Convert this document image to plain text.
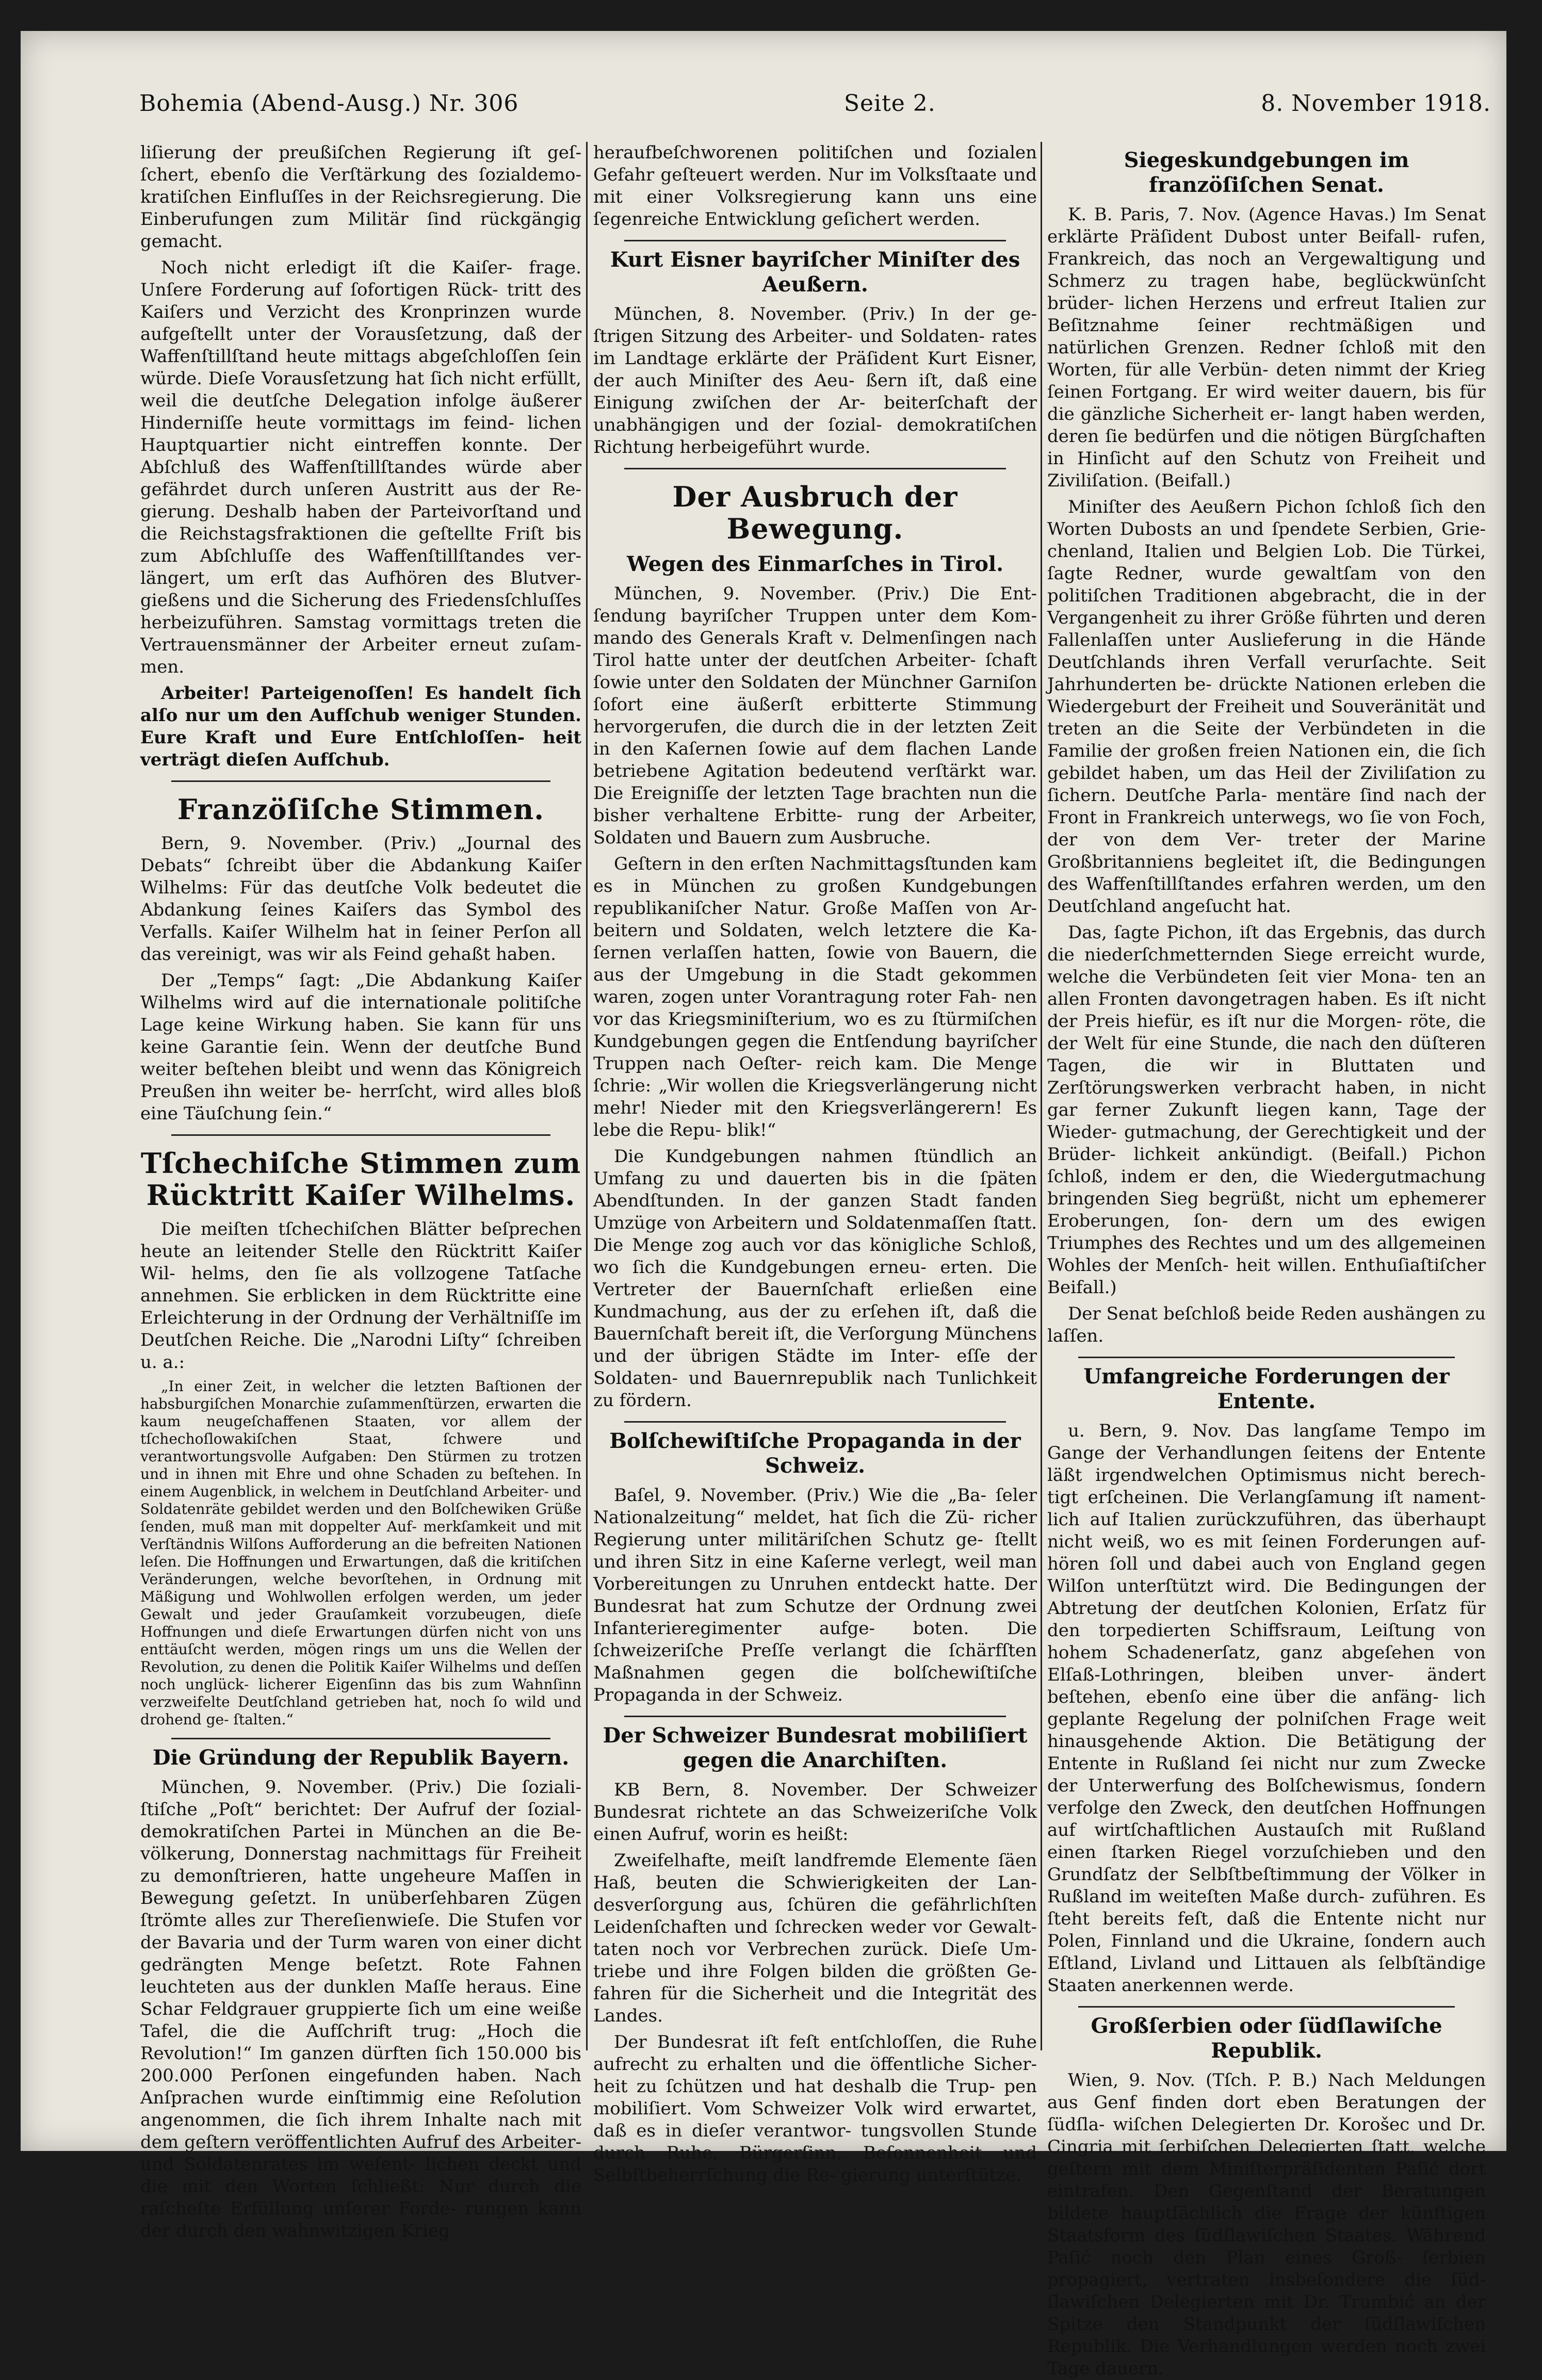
Bohemia (Abend-Ausg.) Nr. 306	Seite 2.	8. November 1918.

liſierung der preußiſchen Regierung iſt geſ‑ ſchert, ebenſo die Verſtärkung des ſozialdemo‑ kratiſchen Einfluſſes in der Reichsregierung. Die Einberufungen zum Militär ſind rückgängig gemacht.

Noch nicht erledigt iſt die Kaiſer‑ frage. Unſere Forderung auf ſofortigen Rück‑ tritt des Kaiſers und Verzicht des Kronprinzen wurde aufgeſtellt unter der Vorausſetzung, daß der Waffenſtillſtand heute mittags abgeſchloſſen ſein würde. Dieſe Vorausſetzung hat ſich nicht erfüllt, weil die deutſche Delegation infolge äußerer Hinderniſſe heute vormittags im feind‑ lichen Hauptquartier nicht eintreffen konnte. Der Abſchluß des Waffenſtillſtandes würde aber gefährdet durch unſeren Austritt aus der Re‑ gierung. Deshalb haben der Parteivorſtand und die Reichstagsfraktionen die geſtellte Friſt bis zum Abſchluſſe des Waffenſtillſtandes ver‑ längert, um erſt das Aufhören des Blutver‑ gießens und die Sicherung des Friedensſchluſſes herbeizuführen. Samstag vormittags treten die Vertrauensmänner der Arbeiter erneut zuſam‑ men.

Arbeiter! Parteigenoſſen! Es handelt ſich alſo nur um den Aufſchub weniger Stunden. Eure Kraft und Eure Entſchloſſen‑ heit verträgt dieſen Aufſchub.

Franzöſiſche Stimmen.

Bern, 9. November. (Priv.) „Journal des Debats“ ſchreibt über die Abdankung Kaiſer Wilhelms: Für das deutſche Volk bedeutet die Abdankung ſeines Kaiſers das Symbol des Verfalls. Kaiſer Wilhelm hat in ſeiner Perſon all das vereinigt, was wir als Feind gehaßt haben.

Der „Temps“ ſagt: „Die Abdankung Kaiſer Wilhelms wird auf die internationale politiſche Lage keine Wirkung haben. Sie kann für uns keine Garantie ſein. Wenn der deutſche Bund weiter beſtehen bleibt und wenn das Königreich Preußen ihn weiter be‑ herrſcht, wird alles bloß eine Täuſchung ſein.“

Tſchechiſche Stimmen zum Rücktritt Kaiſer Wilhelms.

Die meiſten tſchechiſchen Blätter beſprechen heute an leitender Stelle den Rücktritt Kaiſer Wil‑ helms, den ſie als vollzogene Tatſache annehmen. Sie erblicken in dem Rücktritte eine Erleichterung in der Ordnung der Verhältniſſe im Deutſchen Reiche. Die „Narodni Liſty“ ſchreiben u. a.:

„In einer Zeit, in welcher die letzten Baſtionen der habsburgiſchen Monarchie zuſammenſtürzen, erwarten die kaum neugeſchaffenen Staaten, vor allem der tſchechoſlowakiſchen Staat, ſchwere und verantwortungsvolle Aufgaben: Den Stürmen zu trotzen und in ihnen mit Ehre und ohne Schaden zu beſtehen. In einem Augenblick, in welchem in Deutſchland Arbeiter- und Soldatenräte gebildet werden und den Bolſchewiken Grüße ſenden, muß man mit doppelter Auf‑ merkſamkeit und mit Verſtändnis Wilſons Aufforderung an die befreiten Nationen leſen. Die Hoffnungen und Erwartungen, daß die kritiſchen Veränderungen, welche bevorſtehen, in Ordnung mit Mäßigung und Wohlwollen erfolgen werden, um jeder Gewalt und jeder Grauſamkeit vorzubeugen, dieſe Hoffnungen und dieſe Erwartungen dürfen nicht von uns enttäuſcht werden, mögen rings um uns die Wellen der Revolution, zu denen die Politik Kaiſer Wilhelms und deſſen noch unglück‑ licherer Eigenſinn das bis zum Wahnſinn verzweifelte Deutſchland getrieben hat, noch ſo wild und drohend ge‑ ſtalten.“

Die Gründung der Republik Bayern.

München, 9. November. (Priv.) Die ſoziali‑ ſtiſche „Poſt“ berichtet: Der Aufruf der ſozial‑ demokratiſchen Partei in München an die Be‑ völkerung, Donnerstag nachmittags für Freiheit zu demonſtrieren, hatte ungeheure Maſſen in Bewegung geſetzt. In unüberſehbaren Zügen ſtrömte alles zur Thereſienwieſe. Die Stufen vor der Bavaria und der Turm waren von einer dicht gedrängten Menge beſetzt. Rote Fahnen leuchteten aus der dunklen Maſſe heraus. Eine Schar Feldgrauer gruppierte ſich um eine weiße Tafel, die die Aufſchrift trug: „Hoch die Revolution!“ Im ganzen dürften ſich 150.000 bis 200.000 Perſonen eingefunden haben. Nach Anſprachen wurde einſtimmig eine Reſolution angenommen, die ſich ihrem Inhalte nach mit dem geſtern veröffentlichten Aufruf des Arbeiter- und Soldatenrates im weſent‑ lichen deckt und die mit den Worten ſchließt: Nur durch die raſcheſte Erfüllung unſerer Forde‑ rungen kann der durch den wahnwitzigen Krieg

heraufbeſchworenen politiſchen und ſozialen Gefahr geſteuert werden. Nur im Volksſtaate und mit einer Volksregierung kann uns eine ſegenreiche Entwicklung geſichert werden.

Kurt Eisner bayriſcher Miniſter des Aeußern.

München, 8. November. (Priv.) In der ge‑ ſtrigen Sitzung des Arbeiter- und Soldaten‑ rates im Landtage erklärte der Präſident Kurt Eisner, der auch Miniſter des Aeu‑ ßern iſt, daß eine Einigung zwiſchen der Ar‑ beiterſchaft der unabhängigen und der ſozial‑ demokratiſchen Richtung herbeigeführt wurde.

Der Ausbruch der Bewegung.
Wegen des Einmarſches in Tirol.

München, 9. November. (Priv.) Die Ent‑ ſendung bayriſcher Truppen unter dem Kom‑ mando des Generals Kraft v. Delmenſingen nach Tirol hatte unter der deutſchen Arbeiter‑ ſchaft ſowie unter den Soldaten der Münchner Garniſon ſofort eine äußerſt erbitterte Stimmung hervorgerufen, die durch die in der letzten Zeit in den Kaſernen ſowie auf dem flachen Lande betriebene Agitation bedeutend verſtärkt war. Die Ereigniſſe der letzten Tage brachten nun die bisher verhaltene Erbitte‑ rung der Arbeiter, Soldaten und Bauern zum Ausbruche.

Geſtern in den erſten Nachmittagsſtunden kam es in München zu großen Kundgebungen republikaniſcher Natur. Große Maſſen von Ar‑ beitern und Soldaten, welch letztere die Ka‑ ſernen verlaſſen hatten, ſowie von Bauern, die aus der Umgebung in die Stadt gekommen waren, zogen unter Vorantragung roter Fah‑ nen vor das Kriegsminiſterium, wo es zu ſtürmiſchen Kundgebungen gegen die Entſendung bayriſcher Truppen nach Oeſter‑ reich kam. Die Menge ſchrie: „Wir wollen die Kriegsverlängerung nicht mehr! Nieder mit den Kriegsverlängerern! Es lebe die Repu‑ blik!“

Die Kundgebungen nahmen ſtündlich an Umfang zu und dauerten bis in die ſpäten Abendſtunden. In der ganzen Stadt fanden Umzüge von Arbeitern und Soldatenmaſſen ſtatt. Die Menge zog auch vor das königliche Schloß, wo ſich die Kundgebungen erneu‑ erten. Die Vertreter der Bauernſchaft erließen eine Kundmachung, aus der zu erſehen iſt, daß die Bauernſchaft bereit iſt, die Verſorgung Münchens und der übrigen Städte im Inter‑ eſſe der Soldaten- und Bauernrepublik nach Tunlichkeit zu fördern.

Bolſchewiſtiſche Propaganda in der Schweiz.

Baſel, 9. November. (Priv.) Wie die „Ba‑ ſeler Nationalzeitung“ meldet, hat ſich die Zü‑ richer Regierung unter militäriſchen Schutz ge‑ ſtellt und ihren Sitz in eine Kaſerne verlegt, weil man Vorbereitungen zu Unruhen entdeckt hatte. Der Bundesrat hat zum Schutze der Ordnung zwei Infanterieregimenter aufge‑ boten. Die ſchweizeriſche Preſſe verlangt die ſchärfſten Maßnahmen gegen die bolſchewiſtiſche Propaganda in der Schweiz.

Der Schweizer Bundesrat mobiliſiert gegen die Anarchiſten.

KB Bern, 8. November. Der Schweizer Bundesrat richtete an das Schweizeriſche Volk einen Aufruf, worin es heißt:

Zweifelhafte, meiſt landfremde Elemente ſäen Haß, beuten die Schwierigkeiten der Lan‑ desverſorgung aus, ſchüren die gefährlichſten Leidenſchaften und ſchrecken weder vor Gewalt‑ taten noch vor Verbrechen zurück. Dieſe Um‑ triebe und ihre Folgen bilden die größten Ge‑ fahren für die Sicherheit und die Integrität des Landes.

Der Bundesrat iſt feſt entſchloſſen, die Ruhe aufrecht zu erhalten und die öffentliche Sicher‑ heit zu ſchützen und hat deshalb die Trup‑ pen mobiliſiert. Vom Schweizer Volk wird erwartet, daß es in dieſer verantwor‑ tungsvollen Stunde durch Ruhe, Bürgerſinn, Beſonnenheit und Selbſtbeherrſchung die Re‑ gierung unterſtütze.

Siegeskundgebungen im franzöſiſchen Senat.

K. B. Paris, 7. Nov. (Agence Havas.) Im Senat erklärte Präſident Dubost unter Beifall‑ rufen, Frankreich, das noch an Vergewaltigung und Schmerz zu tragen habe, beglückwünſcht brüder‑ lichen Herzens und erfreut Italien zur Beſitznahme ſeiner rechtmäßigen und natürlichen Grenzen. Redner ſchloß mit den Worten, für alle Verbün‑ deten nimmt der Krieg ſeinen Fortgang. Er wird weiter dauern, bis für die gänzliche Sicherheit er‑ langt haben werden, deren ſie bedürfen und die nötigen Bürgſchaften in Hinſicht auf den Schutz von Freiheit und Ziviliſation. (Beifall.)

Miniſter des Aeußern Pichon ſchloß ſich den Worten Dubosts an und ſpendete Serbien, Grie‑ chenland, Italien und Belgien Lob. Die Türkei, ſagte Redner, wurde gewaltſam von den politiſchen Traditionen abgebracht, die in der Vergangenheit zu ihrer Größe führten und deren Fallenlaſſen unter Auslieferung in die Hände Deutſchlands ihren Verfall verurſachte. Seit Jahrhunderten be‑ drückte Nationen erleben die Wiedergeburt der Freiheit und Souveränität und treten an die Seite der Verbündeten in die Familie der großen freien Nationen ein, die ſich gebildet haben, um das Heil der Ziviliſation zu ſichern. Deutſche Parla‑ mentäre ſind nach der Front in Frankreich unterwegs, wo ſie von Foch, der von dem Ver‑ treter der Marine Großbritanniens begleitet iſt, die Bedingungen des Waffenſtillſtandes erfahren werden, um den Deutſchland angeſucht hat.

Das, ſagte Pichon, iſt das Ergebnis, das durch die niederſchmetternden Siege erreicht wurde, welche die Verbündeten ſeit vier Mona‑ ten an allen Fronten davongetragen haben. Es iſt nicht der Preis hiefür, es iſt nur die Morgen‑ röte, die der Welt für eine Stunde, die nach den düſteren Tagen, die wir in Bluttaten und Zerſtörungswerken verbracht haben, in nicht gar ferner Zukunft liegen kann, Tage der Wieder‑ gutmachung, der Gerechtigkeit und der Brüder‑ lichkeit ankündigt. (Beifall.) Pichon ſchloß, indem er den, die Wiedergutmachung bringenden Sieg begrüßt, nicht um ephemerer Eroberungen, ſon‑ dern um des ewigen Triumphes des Rechtes und um des allgemeinen Wohles der Menſch‑ heit willen. Enthuſiaſtiſcher Beifall.)

Der Senat beſchloß beide Reden aushängen zu laſſen.

Umfangreiche Forderungen der Entente.

u. Bern, 9. Nov. Das langſame Tempo im Gange der Verhandlungen ſeitens der Entente läßt irgendwelchen Optimismus nicht berech‑ tigt erſcheinen. Die Verlangſamung iſt nament‑ lich auf Italien zurückzuführen, das überhaupt nicht weiß, wo es mit ſeinen Forderungen auf‑ hören ſoll und dabei auch von England gegen Wilſon unterſtützt wird. Die Bedingungen der Abtretung der deutſchen Kolonien, Erſatz für den torpedierten Schiffsraum, Leiſtung von hohem Schadenerſatz, ganz abgeſehen von Elſaß‑Lothringen, bleiben unver‑ ändert beſtehen, ebenſo eine über die anfäng‑ lich geplante Regelung der polniſchen Frage weit hinausgehende Aktion. Die Betätigung der Entente in Rußland ſei nicht nur zum Zwecke der Unterwerfung des Bolſchewismus, ſondern verfolge den Zweck, den deutſchen Hoffnungen auf wirtſchaftlichen Austauſch mit Rußland einen ſtarken Riegel vorzuſchieben und den Grundſatz der Selbſtbeſtimmung der Völker in Rußland im weiteſten Maße durch‑ zuführen. Es ſteht bereits feſt, daß die Entente nicht nur Polen, Finnland und die Ukraine, ſondern auch Eſtland, Livland und Littauen als ſelbſtändige Staaten anerkennen werde.

Großſerbien oder ſüdſlawiſche Republik.

Wien, 9. Nov. (Tſch. P. B.) Nach Meldungen aus Genf finden dort eben Beratungen der ſüdſla‑ wiſchen Delegierten Dr. Korošec und Dr. Cingria mit ſerbiſchen Delegierten ſtatt, welche geſtern mit dem Miniſterpräſidenten Paſić dort eintrafen. Den Gegenſtand der Beratungen bildete hauptſächlich die Frage der künftigen Staatsform des ſüdſlawiſchen Staates. Während Paſić noch den Plan eines Groß‑ ſerbien propagiert, vertraten insbeſondere die ſüd‑ ſlawiſchen Delegierten mit Dr. Trumbić an der Spitze den Standpunkt der ſüdſlawiſchen Republik. Die Verhandlungen werden noch zwei Tage dauern.
